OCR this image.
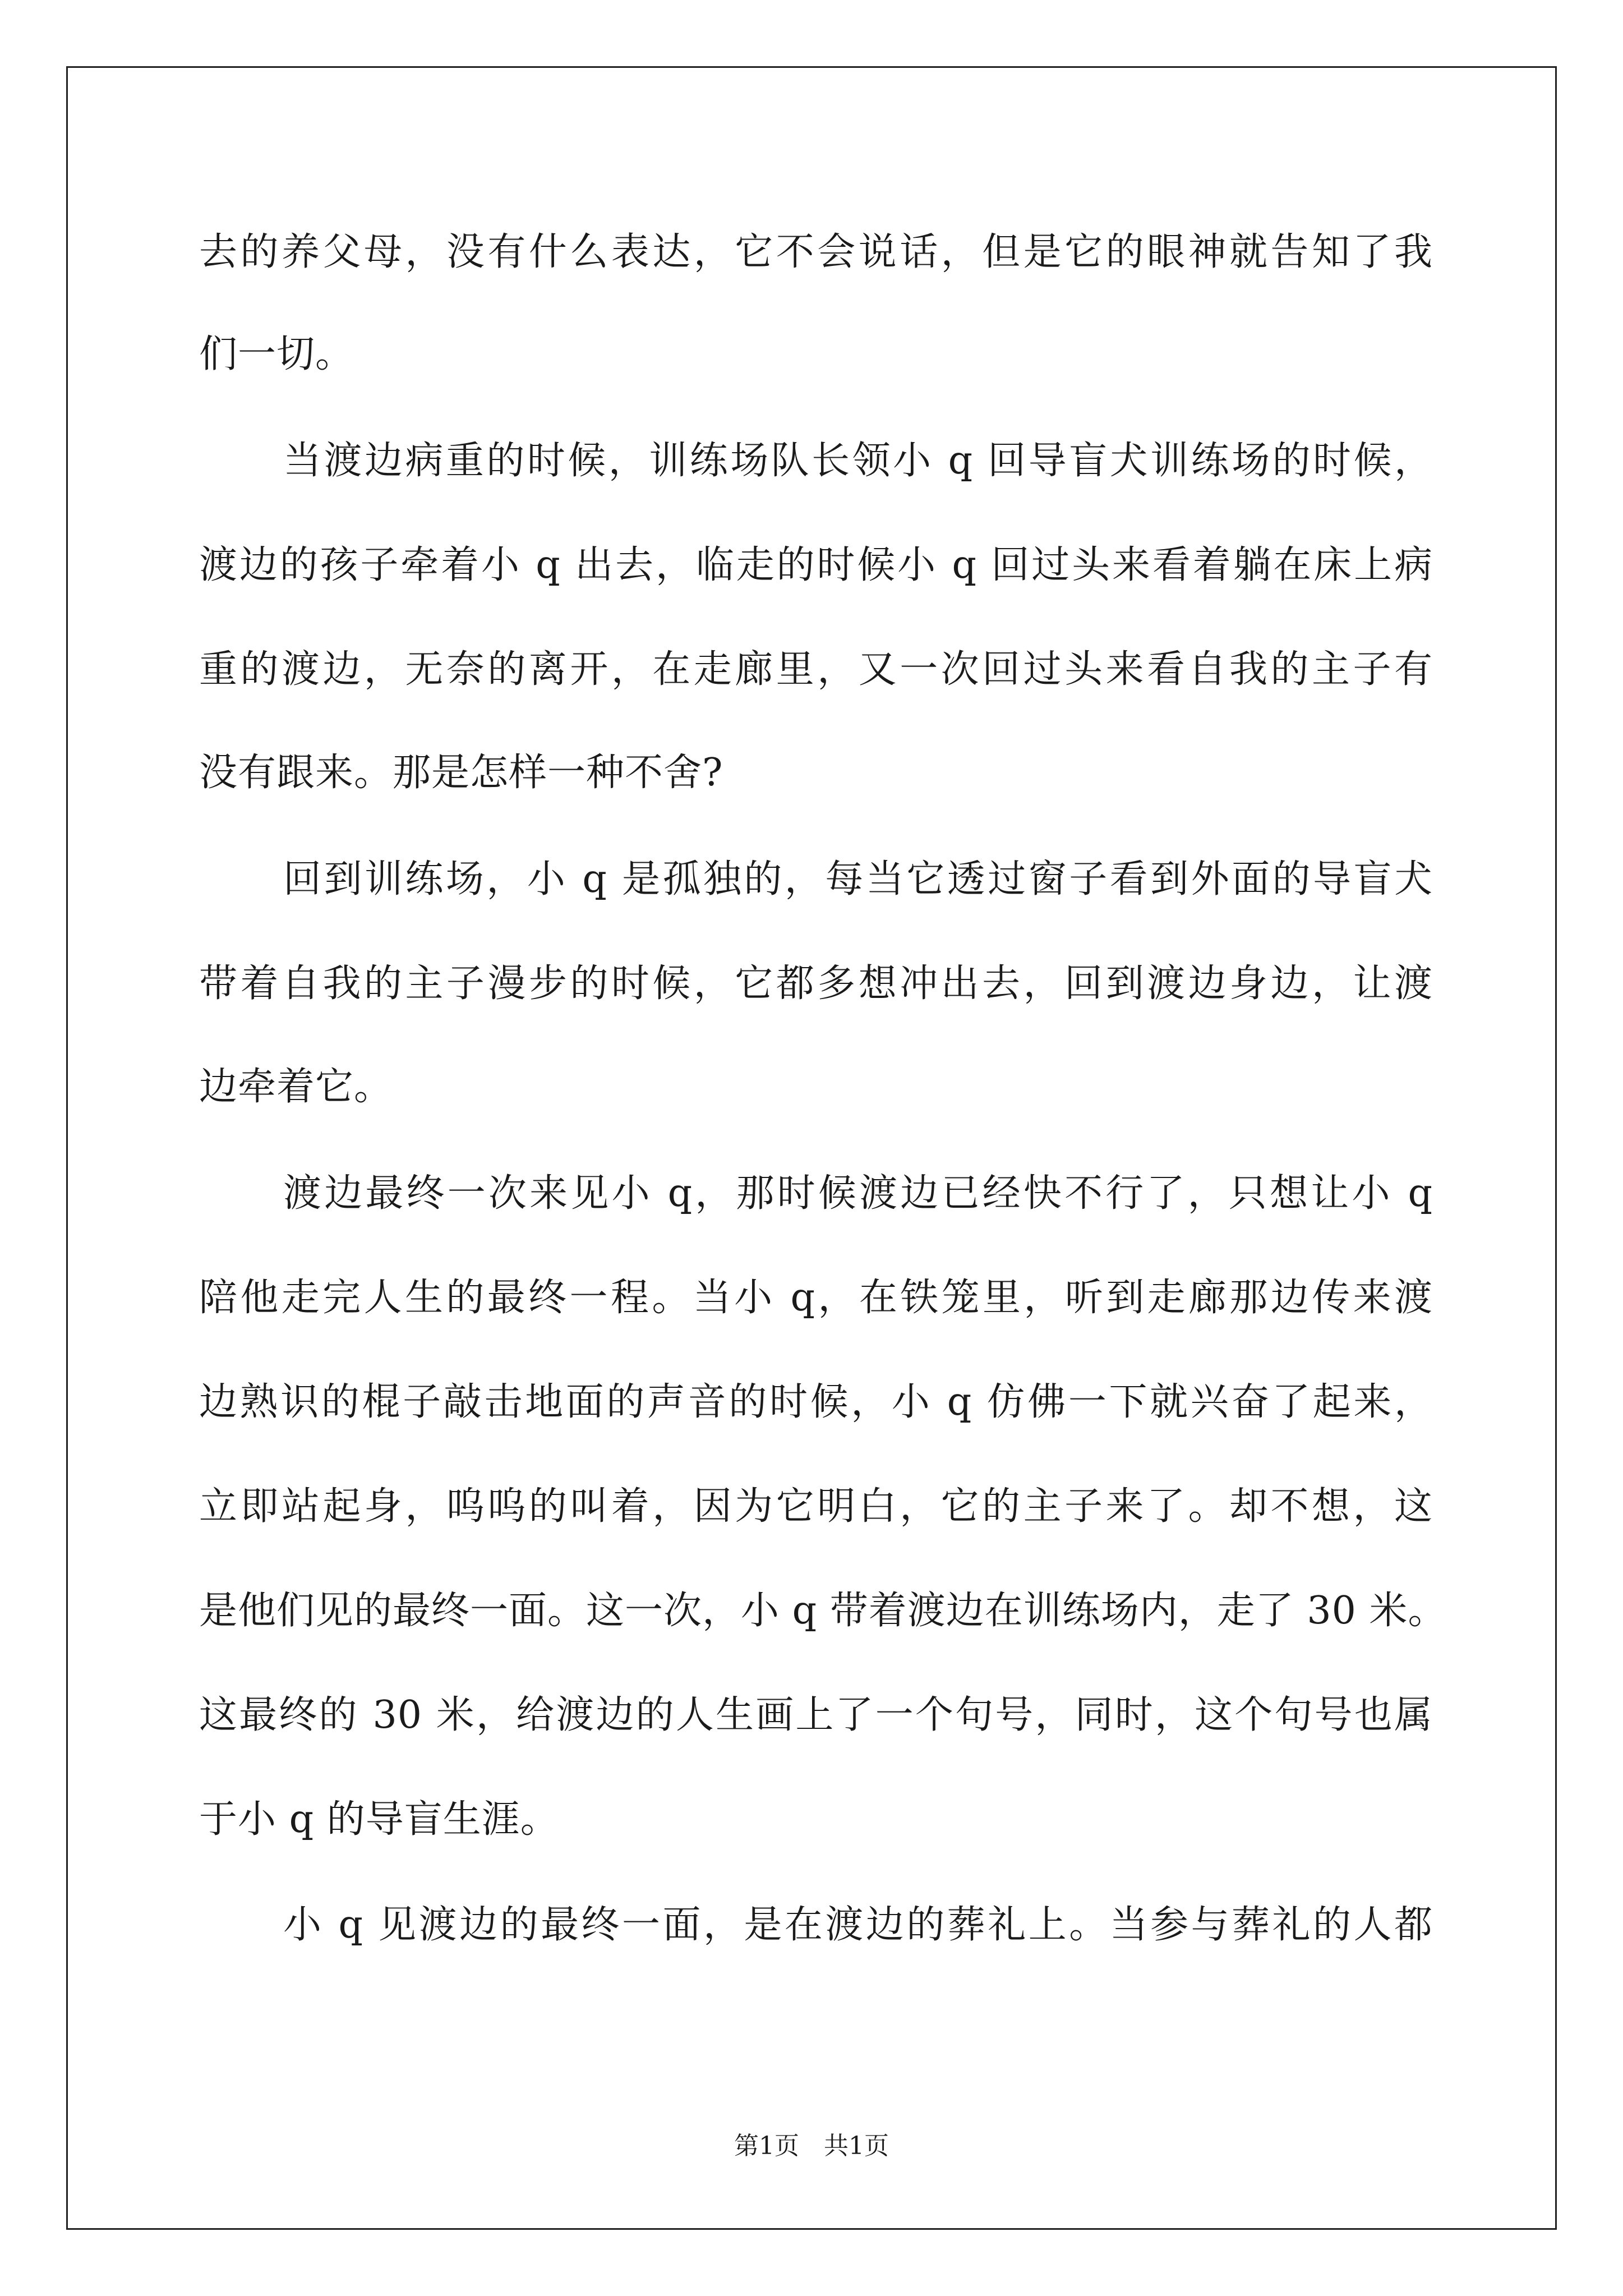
去的养父母，没有什么表达，它不会说话，但是它的眼神就告知了我
们一切。
当渡边病重的时候，训练场队长领小 q 回导盲犬训练场的时候，
渡边的孩子牵着小 q 出去，临走的时候小 q 回过头来看着躺在床上病
重的渡边，无奈的离开，在走廊里，又一次回过头来看自我的主子有
没有跟来。那是怎样一种不舍?
回到训练场，小 q 是孤独的，每当它透过窗子看到外面的导盲犬
带着自我的主子漫步的时候，它都多想冲出去，回到渡边身边，让渡
边牵着它。
渡边最终一次来见小 q，那时候渡边已经快不行了，只想让小 q
陪他走完人生的最终一程。当小 q，在铁笼里，听到走廊那边传来渡
边熟识的棍子敲击地面的声音的时候，小 q 仿佛一下就兴奋了起来，
立即站起身，呜呜的叫着，因为它明白，它的主子来了。却不想，这
是他们见的最终一面。这一次，小 q 带着渡边在训练场内，走了 30 米。
这最终的 30 米，给渡边的人生画上了一个句号，同时，这个句号也属
于小 q 的导盲生涯。
小 q 见渡边的最终一面，是在渡边的葬礼上。当参与葬礼的人都
第1页　共1页
